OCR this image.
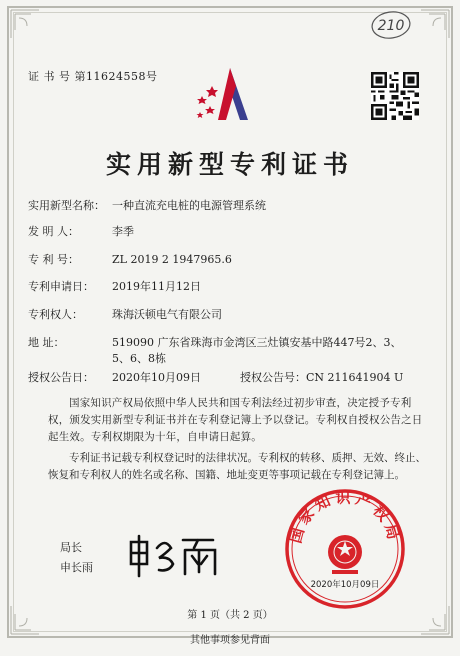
210
证 书 号 第11624558号
实用新型专利证书
实用新型名称： 一种直流充电桩的电源管理系统
发 明 人：	李季
专 利 号：	ZL 2019 2 1947965.6
专利申请日： 2019年11月12日
专利权人：	珠海沃顿电气有限公司
地 址：	519090 广东省珠海市金湾区三灶镇安基中路447号2、3、
5、6、8栋
授权公告日： 2020年10月09日	授权公告号：CN 211641904 U
国家知识产权局依照中华人民共和国专利法经过初步审查，决定授予专利权，颁发实用新型专利证书并在专利登记簿上予以登记。专利权自授权公告之日起生效。专利权期限为十年，自申请日起算。
专利证书记载专利权登记时的法律状况。专利权的转移、质押、无效、终止、恢复和专利权人的姓名或名称、国籍、地址变更等事项记载在专利登记簿上。
局长
申长雨
国家知识产权局
2020年10月09日
第 1 页（共 2 页）
其他事项参见背面
